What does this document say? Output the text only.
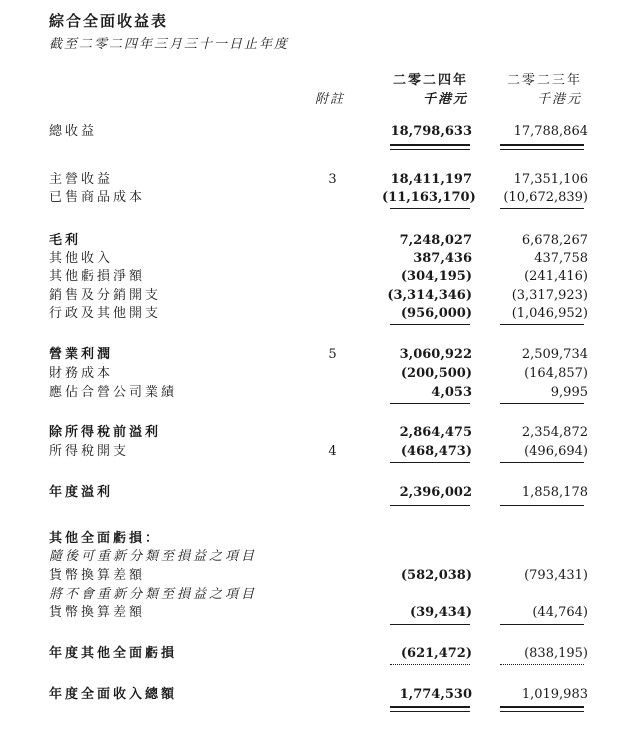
綜合全面收益表
截至二零二四年三月三十一日止年度
二零二四年	二零二三年
附註	千港元	千港元
總收益	18,798,633	17,788,864
主營收益	3	18,411,197	17,351,106
已售商品成本	(11,163,170)	(10,672,839)
毛利	7,248,027	6,678,267
其他收入	387,436	437,758
其他虧損淨額	(304,195)	(241,416)
銷售及分銷開支	(3,314,346)	(3,317,923)
行政及其他開支	(956,000)	(1,046,952)
營業利潤	5	3,060,922	2,509,734
財務成本	(200,500)	(164,857)
應佔合營公司業績	4,053	9,995
除所得稅前溢利	2,864,475	2,354,872
所得稅開支	4	(468,473)	(496,694)
年度溢利	2,396,002	1,858,178
其他全面虧損：
隨後可重新分類至損益之項目
貨幣換算差額	(582,038)	(793,431)
將不會重新分類至損益之項目
貨幣換算差額	(39,434)	(44,764)
年度其他全面虧損	(621,472)	(838,195)
年度全面收入總額	1,774,530	1,019,983
